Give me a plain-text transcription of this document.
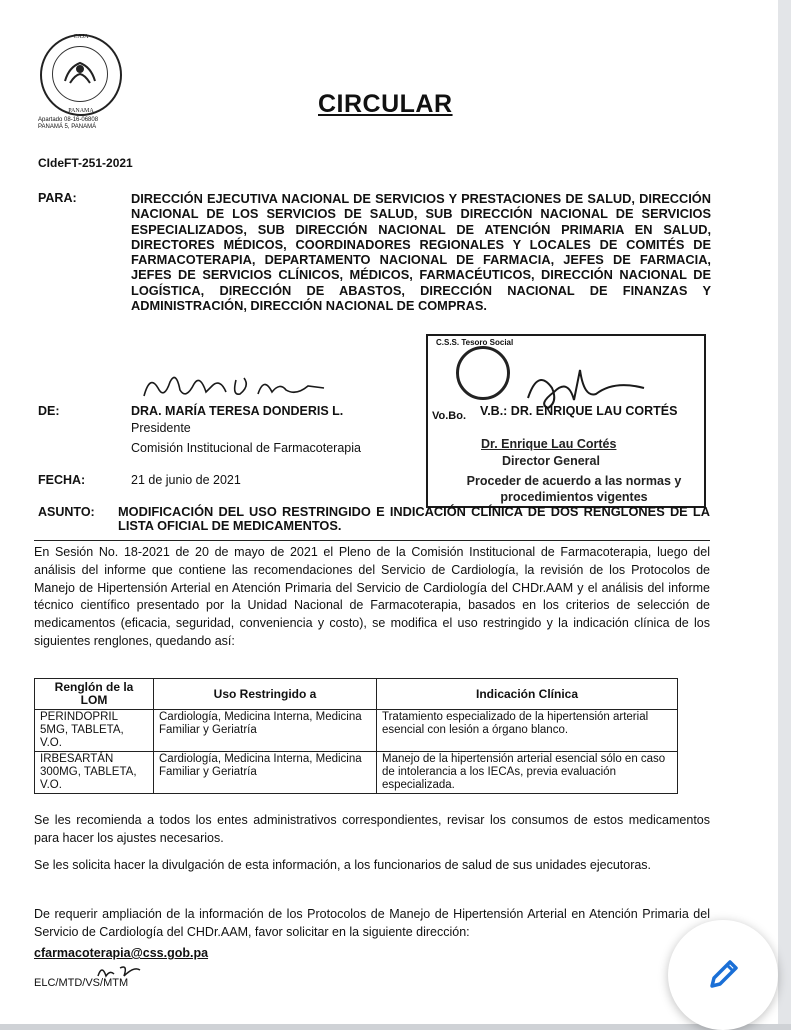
CAJA
PANAMA
Apartado 08-16-06808
PANAMÁ 5, PANAMÁ
CIRCULAR
CIdeFT-251-2021
PARA:	DIRECCIÓN EJECUTIVA NACIONAL DE SERVICIOS Y PRESTACIONES DE SALUD, DIRECCIÓN NACIONAL DE LOS SERVICIOS DE SALUD, SUB DIRECCIÓN NACIONAL DE SERVICIOS ESPECIALIZADOS, SUB DIRECCIÓN NACIONAL DE ATENCIÓN PRIMARIA EN SALUD, DIRECTORES MÉDICOS, COORDINADORES REGIONALES Y LOCALES DE COMITÉS DE FARMACOTERAPIA, DEPARTAMENTO NACIONAL DE FARMACIA, JEFES DE FARMACIA, JEFES DE SERVICIOS CLÍNICOS, MÉDICOS, FARMACÉUTICOS, DIRECCIÓN NACIONAL DE LOGÍSTICA, DIRECCIÓN DE ABASTOS, DIRECCIÓN NACIONAL DE FINANZAS Y ADMINISTRACIÓN, DIRECCIÓN NACIONAL DE COMPRAS.
DE:	DRA. MARÍA TERESA DONDERIS L.
Presidente
Comisión Institucional de Farmacoterapia
FECHA:	21 de junio de 2021
C.S.S. Tesoro Social
Dr. Enrique Lau Cortés
Director General
Proceder de acuerdo a las normas y procedimientos vigentes
Vo.Bo. V.B.: DR. ENRIQUE LAU CORTÉS
ASUNTO: MODIFICACIÓN DEL USO RESTRINGIDO E INDICACIÓN CLÍNICA DE DOS RENGLONES DE LA LISTA OFICIAL DE MEDICAMENTOS.
En Sesión No. 18-2021 de 20 de mayo de 2021 el Pleno de la Comisión Institucional de Farmacoterapia, luego del análisis del informe que contiene las recomendaciones del Servicio de Cardiología, la revisión de los Protocolos de Manejo de Hipertensión Arterial en Atención Primaria del Servicio de Cardiología del CHDr.AAM y el análisis del informe técnico científico presentado por la Unidad Nacional de Farmacoterapia, basados en los criterios de selección de medicamentos (eficacia, seguridad, conveniencia y costo), se modifica el uso restringido y la indicación clínica de los siguientes renglones, quedando así:
Renglón de la LOM	Uso Restringido a	Indicación Clínica
PERINDOPRIL 5MG, TABLETA, V.O.	Cardiología, Medicina Interna, Medicina Familiar y Geriatría	Tratamiento especializado de la hipertensión arterial esencial con lesión a órgano blanco.
IRBESARTÁN 300MG, TABLETA, V.O.	Cardiología, Medicina Interna, Medicina Familiar y Geriatría	Manejo de la hipertensión arterial esencial sólo en caso de intolerancia a los IECAs, previa evaluación especializada.
Se les recomienda a todos los entes administrativos correspondientes, revisar los consumos de estos medicamentos para hacer los ajustes necesarios.
Se les solicita hacer la divulgación de esta información, a los funcionarios de salud de sus unidades ejecutoras.
De requerir ampliación de la información de los Protocolos de Manejo de Hipertensión Arterial en Atención Primaria del Servicio de Cardiología del CHDr.AAM, favor solicitar en la siguiente dirección:
cfarmacoterapia@css.gob.pa
ELC/MTD/VS/MTM
